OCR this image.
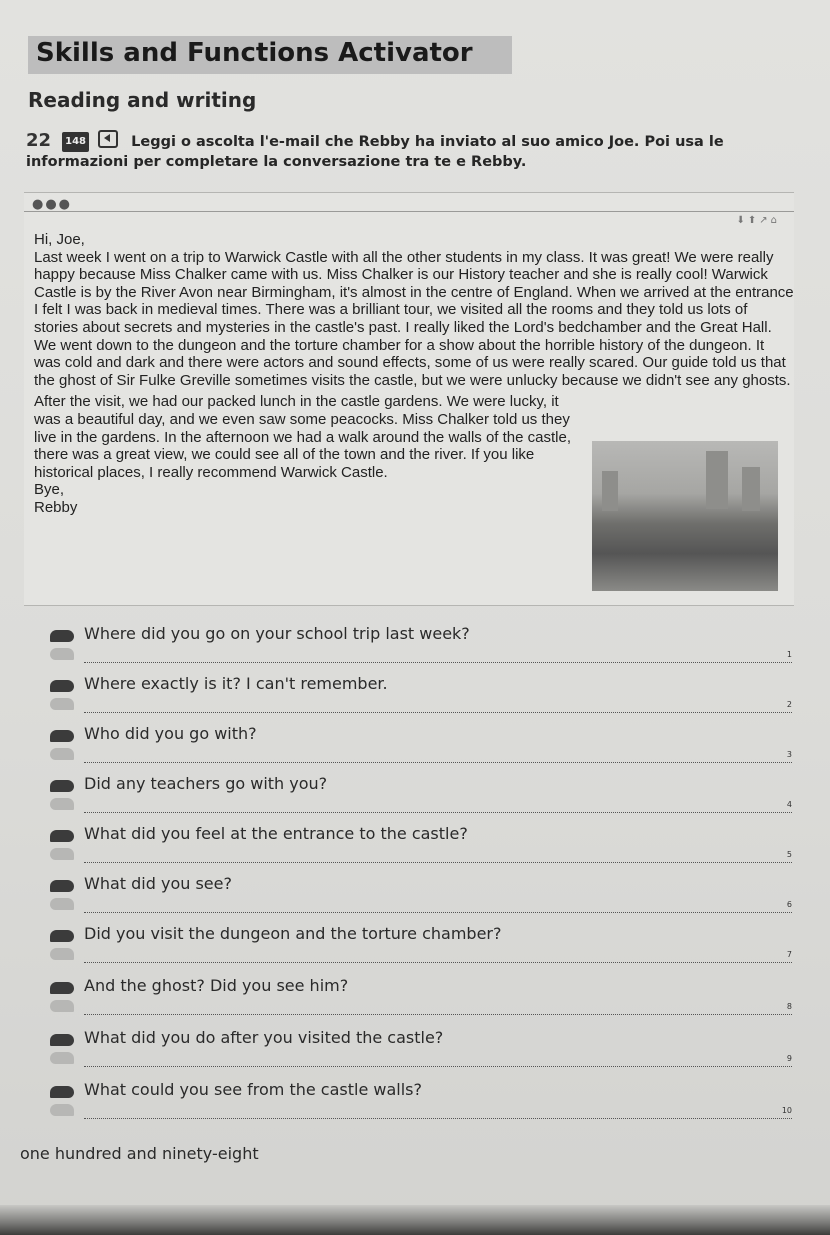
Skills and Functions Activator
Reading and writing
22 148	Leggi o ascolta l'e-mail che Rebby ha inviato al suo amico Joe. Poi usa le informazioni per completare la conversazione tra te e Rebby.
●●●
⬇⬆↗⌂

Hi, Joe,

Last week I went on a trip to Warwick Castle with all the other students in my class. It was great! We were really happy because Miss Chalker came with us. Miss Chalker is our History teacher and she is really cool! Warwick Castle is by the River Avon near Birmingham, it's almost in the centre of England. When we arrived at the entrance I felt I was back in medieval times. There was a brilliant tour, we visited all the rooms and they told us lots of stories about secrets and mysteries in the castle's past. I really liked the Lord's bedchamber and the Great Hall. We went down to the dungeon and the torture chamber for a show about the horrible history of the dungeon. It was cold and dark and there were actors and sound effects, some of us were really scared. Our guide told us that the ghost of Sir Fulke Greville sometimes visits the castle, but we were unlucky because we didn't see any ghosts.

After the visit, we had our packed lunch in the castle gardens. We were lucky, it was a beautiful day, and we even saw some peacocks. Miss Chalker told us they live in the gardens. In the afternoon we had a walk around the walls of the castle, there was a great view, we could see all of the town and the river. If you like historical places, I really recommend Warwick Castle.

Bye,

Rebby

Where did you go on your school trip last week?
1
Where exactly is it? I can't remember.
2
Who did you go with?
3
Did any teachers go with you?
4
What did you feel at the entrance to the castle?
5
What did you see?
6
Did you visit the dungeon and the torture chamber?
7
And the ghost? Did you see him?
8
What did you do after you visited the castle?
9
What could you see from the castle walls?
10
one hundred and ninety-eight
